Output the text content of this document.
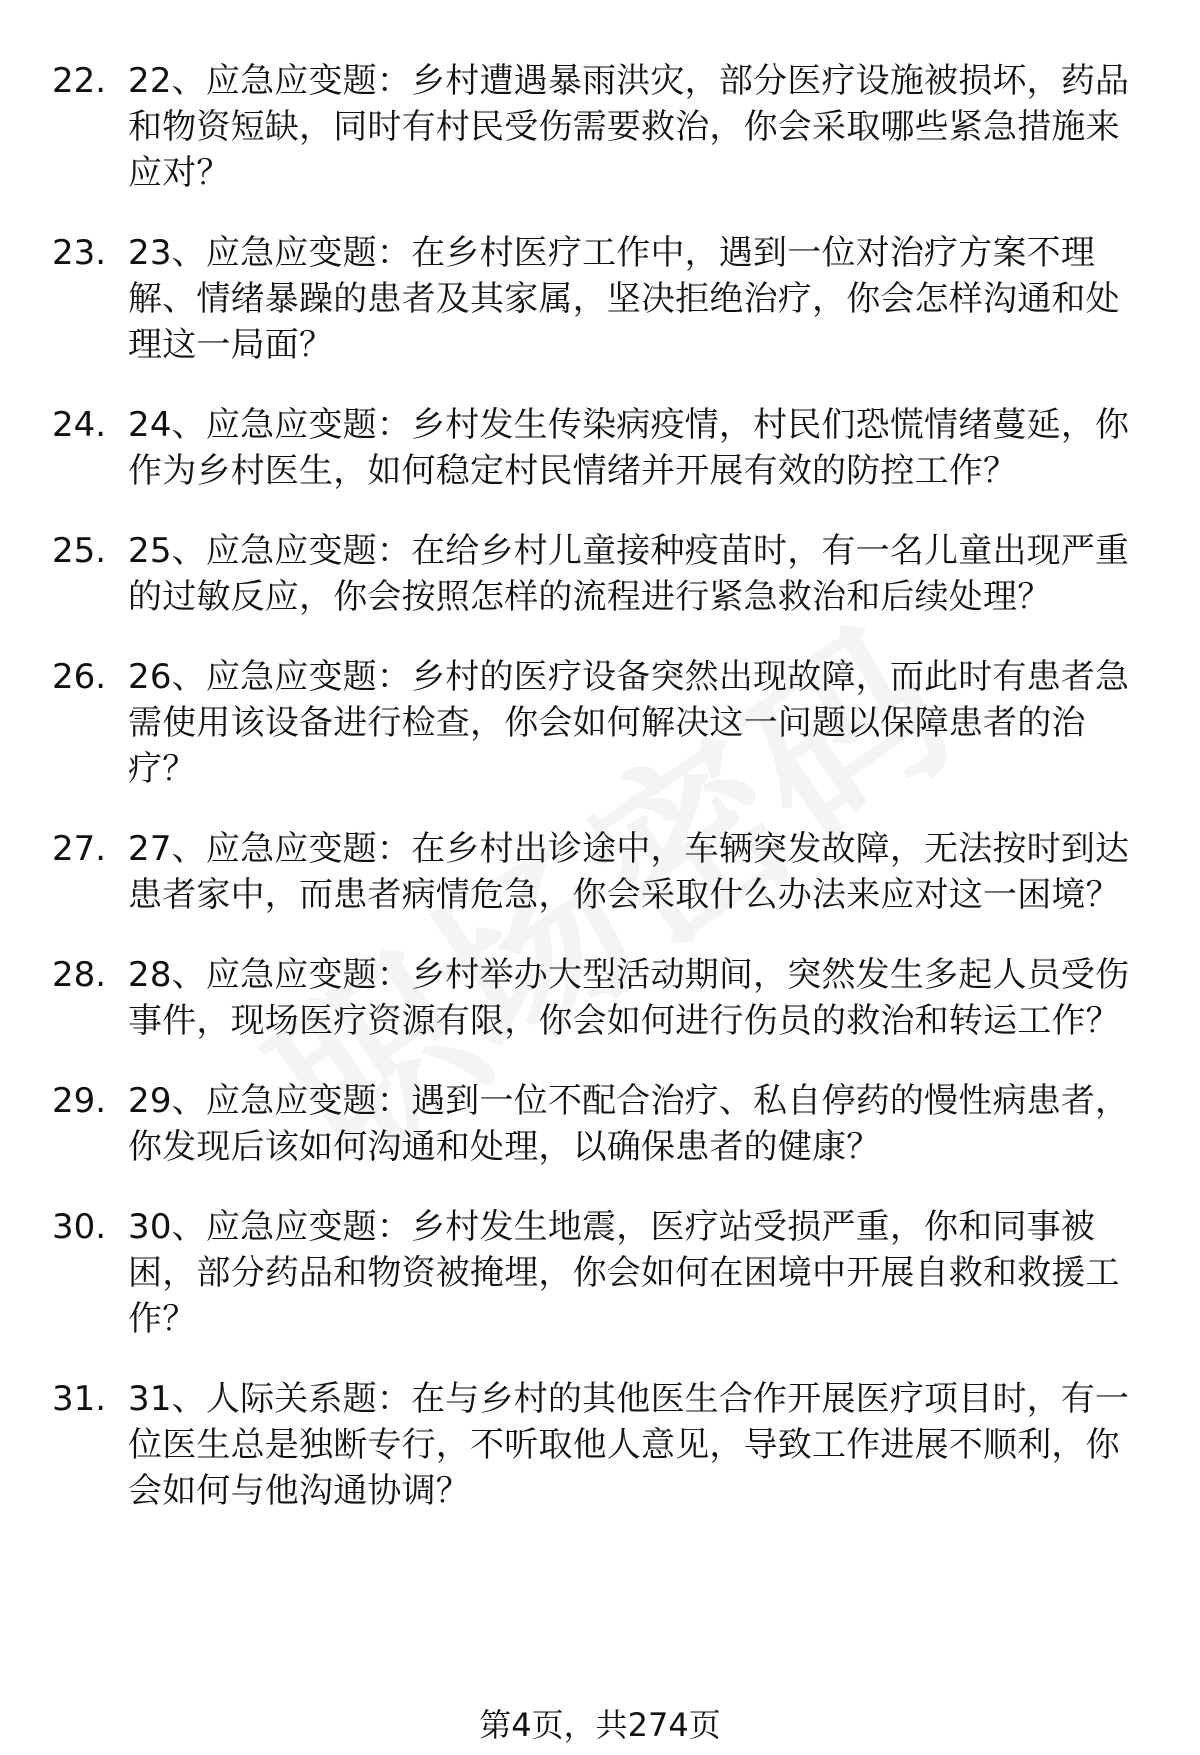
22. 22、应急应变题：乡村遭遇暴雨洪灾，部分医疗设施被损坏，药品和物资短缺，同时有村民受伤需要救治，你会采取哪些紧急措施来应对？
23. 23、应急应变题：在乡村医疗工作中，遇到一位对治疗方案不理解、情绪暴躁的患者及其家属，坚决拒绝治疗，你会怎样沟通和处理这一局面？
24. 24、应急应变题：乡村发生传染病疫情，村民们恐慌情绪蔓延，你作为乡村医生，如何稳定村民情绪并开展有效的防控工作？
25. 25、应急应变题：在给乡村儿童接种疫苗时，有一名儿童出现严重的过敏反应，你会按照怎样的流程进行紧急救治和后续处理？
26. 26、应急应变题：乡村的医疗设备突然出现故障，而此时有患者急需使用该设备进行检查，你会如何解决这一问题以保障患者的治疗？
27. 27、应急应变题：在乡村出诊途中，车辆突发故障，无法按时到达患者家中，而患者病情危急，你会采取什么办法来应对这一困境？
28. 28、应急应变题：乡村举办大型活动期间，突然发生多起人员受伤事件，现场医疗资源有限，你会如何进行伤员的救治和转运工作？
29. 29、应急应变题：遇到一位不配合治疗、私自停药的慢性病患者，你发现后该如何沟通和处理，以确保患者的健康？
30. 30、应急应变题：乡村发生地震，医疗站受损严重，你和同事被困，部分药品和物资被掩埋，你会如何在困境中开展自救和救援工作？
31. 31、人际关系题：在与乡村的其他医生合作开展医疗项目时，有一位医生总是独断专行，不听取他人意见，导致工作进展不顺利，你会如何与他沟通协调？
第4页，共274页
